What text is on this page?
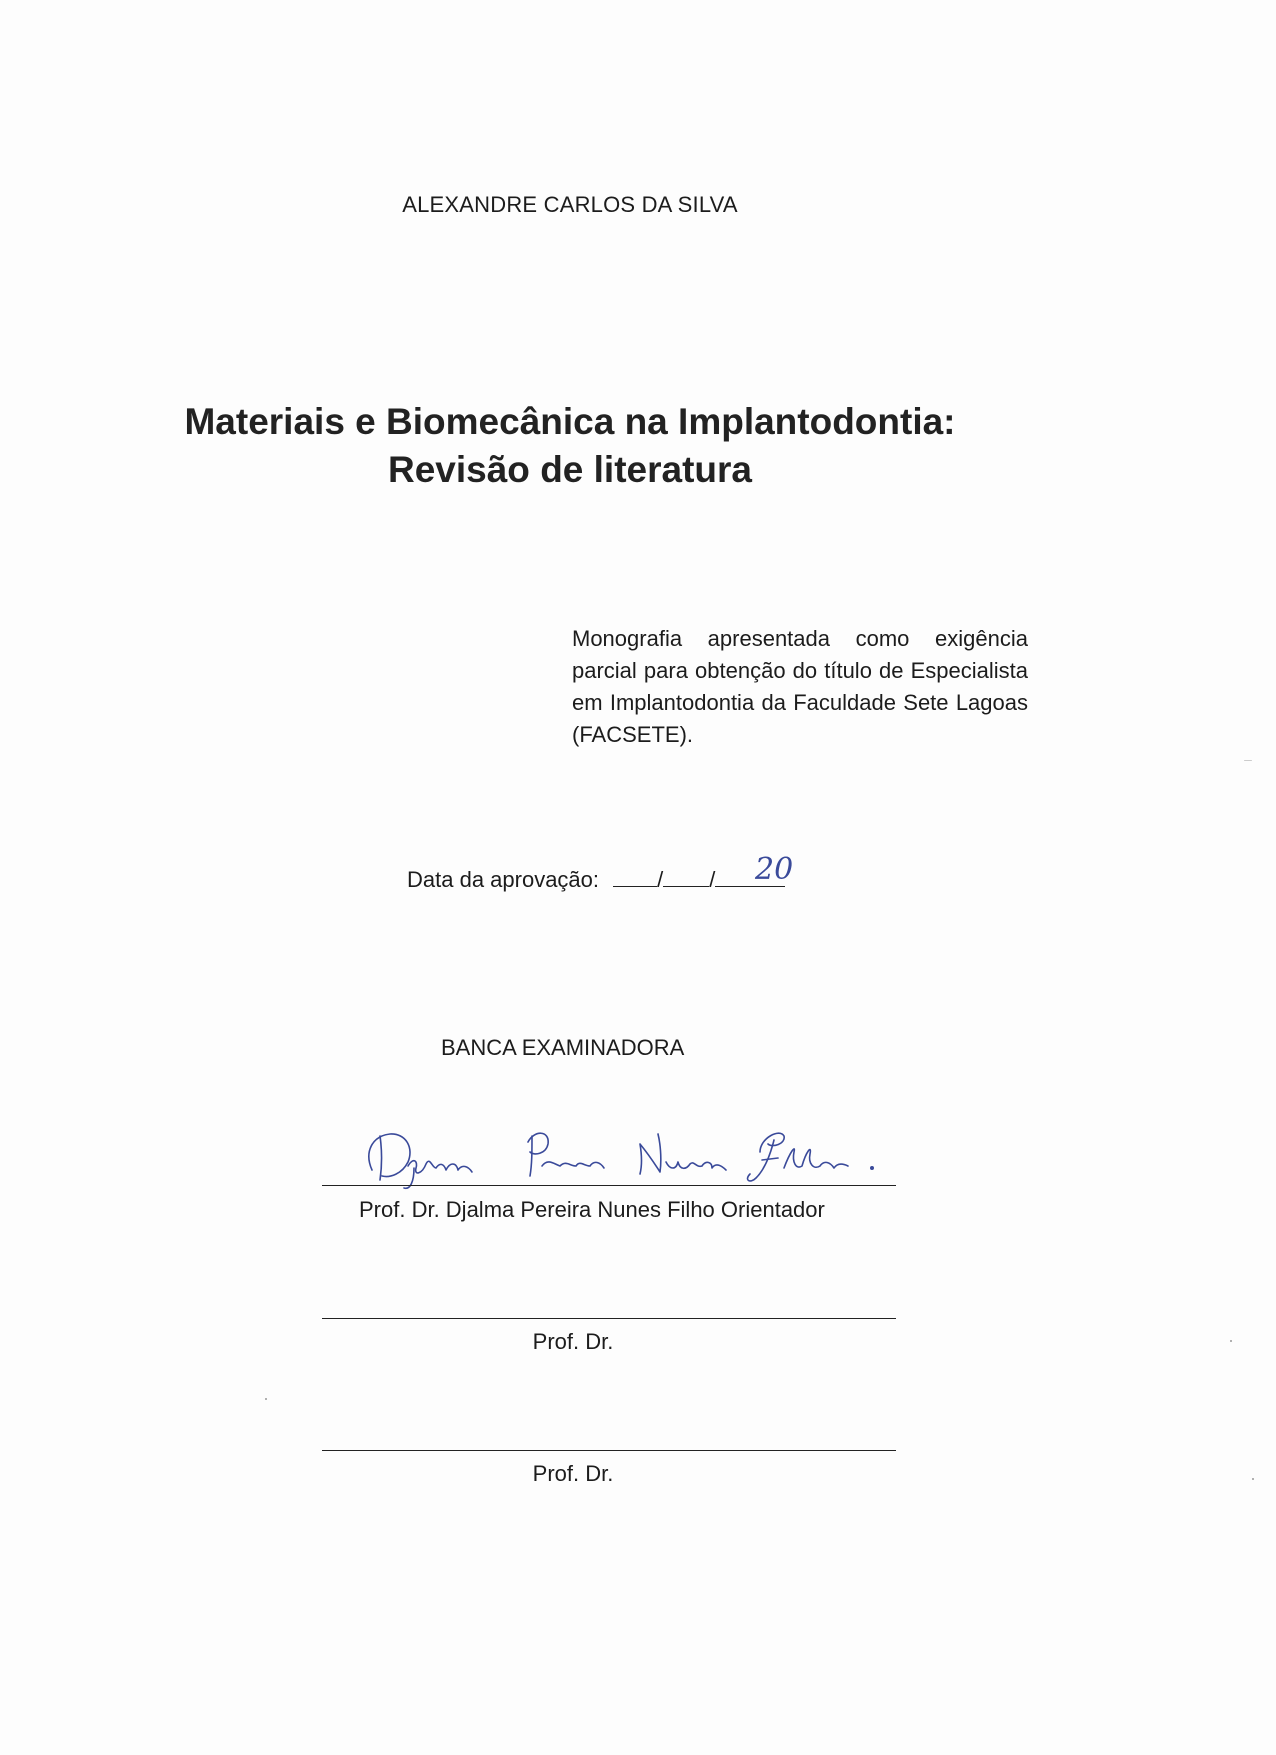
ALEXANDRE CARLOS DA SILVA
Materiais e Biomecânica na Implantodontia:
Revisão de literatura
Monografia apresentada como exigência parcial para obtenção do título de Especialista em Implantodontia da Faculdade Sete Lagoas (FACSETE).
Data da aprovação:	/ /	20
BANCA EXAMINADORA
Prof. Dr. Djalma Pereira Nunes Filho Orientador
Prof. Dr.
Prof. Dr.
